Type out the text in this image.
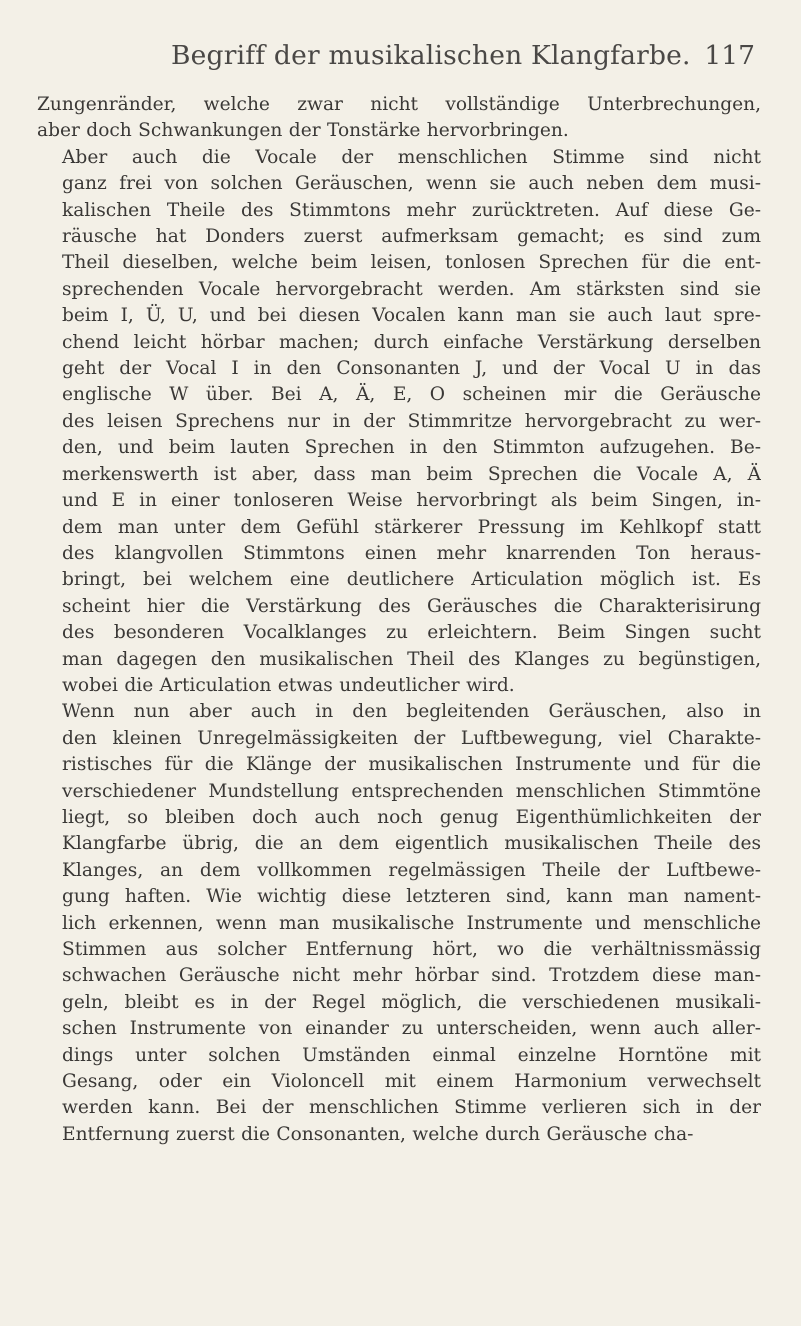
Begriff der musikalischen Klangfarbe. 117

Zungenränder, welche zwar nicht vollständige Unterbrechungen,
aber doch Schwankungen der Tonstärke hervorbringen.

Aber auch die Vocale der menschlichen Stimme sind nicht
ganz frei von solchen Geräuschen, wenn sie auch neben dem musi-
kalischen Theile des Stimmtons mehr zurücktreten. Auf diese Ge-
räusche hat Donders zuerst aufmerksam gemacht; es sind zum
Theil dieselben, welche beim leisen, tonlosen Sprechen für die ent-
sprechenden Vocale hervorgebracht werden. Am stärksten sind sie
beim I, Ü, U, und bei diesen Vocalen kann man sie auch laut spre-
chend leicht hörbar machen; durch einfache Verstärkung derselben
geht der Vocal I in den Consonanten J, und der Vocal U in das
englische W über. Bei A, Ä, E, O scheinen mir die Geräusche
des leisen Sprechens nur in der Stimmritze hervorgebracht zu wer-
den, und beim lauten Sprechen in den Stimmton aufzugehen. Be-
merkenswerth ist aber, dass man beim Sprechen die Vocale A, Ä
und E in einer tonloseren Weise hervorbringt als beim Singen, in-
dem man unter dem Gefühl stärkerer Pressung im Kehlkopf statt
des klangvollen Stimmtons einen mehr knarrenden Ton heraus-
bringt, bei welchem eine deutlichere Articulation möglich ist. Es
scheint hier die Verstärkung des Geräusches die Charakterisirung
des besonderen Vocalklanges zu erleichtern. Beim Singen sucht
man dagegen den musikalischen Theil des Klanges zu begünstigen,
wobei die Articulation etwas undeutlicher wird.

Wenn nun aber auch in den begleitenden Geräuschen, also in
den kleinen Unregelmässigkeiten der Luftbewegung, viel Charakte-
ristisches für die Klänge der musikalischen Instrumente und für die
verschiedener Mundstellung entsprechenden menschlichen Stimmtöne
liegt, so bleiben doch auch noch genug Eigenthümlichkeiten der
Klangfarbe übrig, die an dem eigentlich musikalischen Theile des
Klanges, an dem vollkommen regelmässigen Theile der Luftbewe-
gung haften. Wie wichtig diese letzteren sind, kann man nament-
lich erkennen, wenn man musikalische Instrumente und menschliche
Stimmen aus solcher Entfernung hört, wo die verhältnissmässig
schwachen Geräusche nicht mehr hörbar sind. Trotzdem diese man-
geln, bleibt es in der Regel möglich, die verschiedenen musikali-
schen Instrumente von einander zu unterscheiden, wenn auch aller-
dings unter solchen Umständen einmal einzelne Horntöne mit
Gesang, oder ein Violoncell mit einem Harmonium verwechselt
werden kann. Bei der menschlichen Stimme verlieren sich in der
Entfernung zuerst die Consonanten, welche durch Geräusche cha-
